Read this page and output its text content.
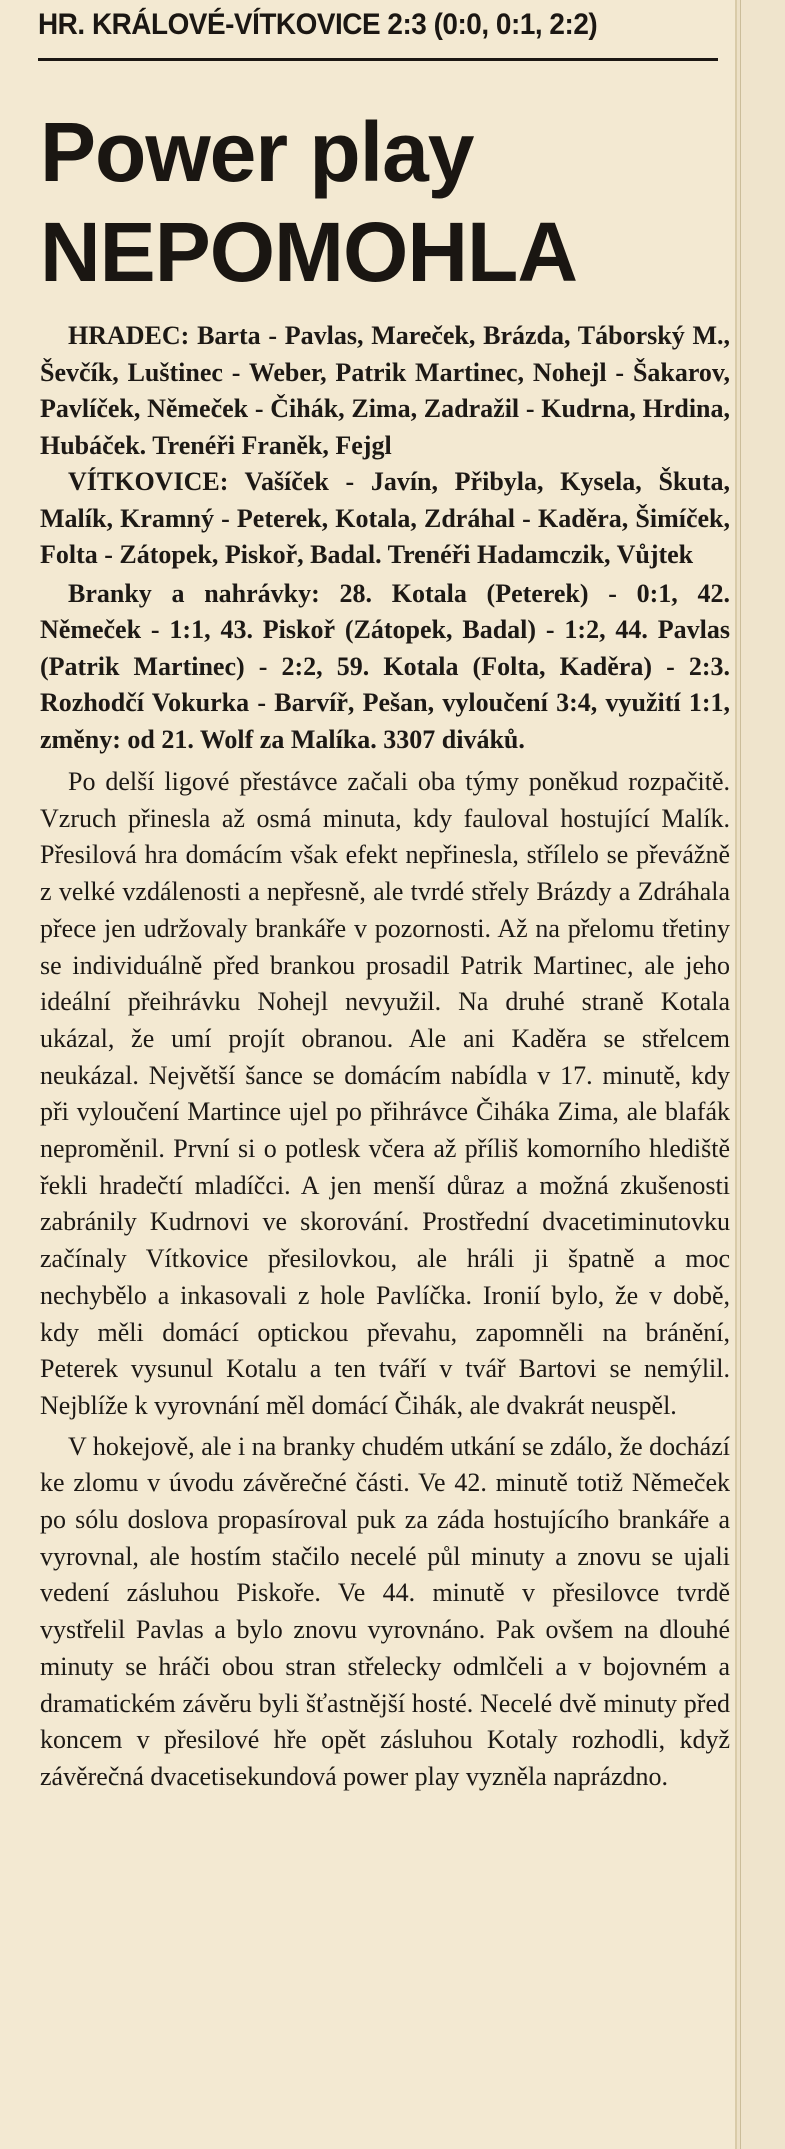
HR. KRÁLOVÉ-VÍTKOVICE 2:3 (0:0, 0:1, 2:2)
Power play
NEPOMOHLA

HRADEC: Barta - Pavlas, Mareček, Brázda, Táborský M., Ševčík, Luštinec - Weber, Patrik Martinec, Nohejl - Šakarov, Pavlíček, Němeček - Čihák, Zima, Zadražil - Kudrna, Hrdina, Hubáček. Trenéři Franěk, Fejgl

VÍTKOVICE: Vašíček - Javín, Přibyla, Kysela, Škuta, Malík, Kramný - Peterek, Kotala, Zdráhal - Kaděra, Šimíček, Folta - Zátopek, Piskoř, Badal. Trenéři Hadamczik, Vůjtek

Branky a nahrávky: 28. Kotala (Peterek) - 0:1, 42. Němeček - 1:1, 43. Piskoř (Zátopek, Badal) - 1:2, 44. Pavlas (Patrik Martinec) - 2:2, 59. Kotala (Folta, Kaděra) - 2:3. Rozhodčí Vokurka - Barvíř, Pešan, vyloučení 3:4, využití 1:1, změny: od 21. Wolf za Malíka. 3307 diváků.

Po delší ligové přestávce začali oba týmy poněkud rozpačitě. Vzruch přinesla až osmá minuta, kdy fauloval hostující Malík. Přesilová hra domácím však efekt nepřinesla, střílelo se převážně z velké vzdálenosti a nepřesně, ale tvrdé střely Brázdy a Zdráhala přece jen udržovaly brankáře v pozornosti. Až na přelomu třetiny se individuálně před brankou prosadil Patrik Martinec, ale jeho ideální přeihrávku Nohejl nevyužil. Na druhé straně Kotala ukázal, že umí projít obranou. Ale ani Kaděra se střelcem neukázal. Největší šance se domácím nabídla v 17. minutě, kdy při vyloučení Martince ujel po přihrávce Čiháka Zima, ale blafák neproměnil. První si o potlesk včera až příliš komorního hlediště řekli hradečtí mladíčci. A jen menší důraz a možná zkušenosti zabránily Kudrnovi ve skorování. Prostřední dvacetiminutovku začínaly Vítkovice přesilovkou, ale hráli ji špatně a moc nechybělo a inkasovali z hole Pavlíčka. Ironií bylo, že v době, kdy měli domácí optickou převahu, zapomněli na bránění, Peterek vysunul Kotalu a ten tváří v tvář Bartovi se nemýlil. Nejblíže k vyrovnání měl domácí Čihák, ale dvakrát neuspěl.

V hokejově, ale i na branky chudém utkání se zdálo, že dochází ke zlomu v úvodu závěrečné části. Ve 42. minutě totiž Němeček po sólu doslova propasíroval puk za záda hostujícího brankáře a vyrovnal, ale hostím stačilo necelé půl minuty a znovu se ujali vedení zásluhou Piskoře. Ve 44. minutě v přesilovce tvrdě vystřelil Pavlas a bylo znovu vyrovnáno. Pak ovšem na dlouhé minuty se hráči obou stran střelecky odmlčeli a v bojovném a dramatickém závěru byli šťastnější hosté. Necelé dvě minuty před koncem v přesilové hře opět zásluhou Kotaly rozhodli, když závěrečná dvacetisekundová power play vyzněla naprázdno.
